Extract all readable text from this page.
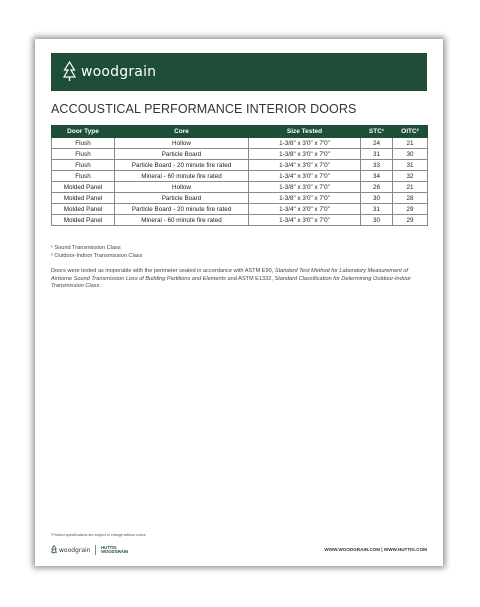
woodgrain
ACCOUSTICAL PERFORMANCE INTERIOR DOORS
Door Type	Core	Size Tested	STC¹	OITC²
Flush	Hollow	1-3/8" x 3'0" x 7'0"	24	21
Flush	Particle Board	1-3/8" x 3'0" x 7'0"	31	30
Flush	Particle Board - 20 minute fire rated	1-3/4" x 3'0" x 7'0"	33	31
Flush	Mineral - 60 minute fire rated	1-3/4" x 3'0" x 7'0"	34	32
Molded Panel	Hollow	1-3/8" x 3'0" x 7'0"	26	21
Molded Panel	Particle Board	1-3/8" x 3'0" x 7'0"	30	28
Molded Panel	Particle Board - 20 minute fire rated	1-3/4" x 3'0" x 7'0"	31	29
Molded Panel	Mineral - 60 minute fire rated	1-3/4" x 3'0" x 7'0"	30	29
¹ Sound Transmission Class
² Outdoor-Indoor Transmission Class
Doors were tested as inoperable with the perimeter sealed in accordance with ASTM E90, Standard Test Method for Laboratory Measurement of Airborne Sound Transmission Loss of Building Partitions and Elements and ASTM E1332, Standard Classification for Determining Outdoor-Indoor Transmission Class.
*Product specifications are subject to change without notice
woodgrain	HUTTIG
WOODGRAIN	WWW.WOODGRAIN.COM | WWW.HUTTIG.COM
